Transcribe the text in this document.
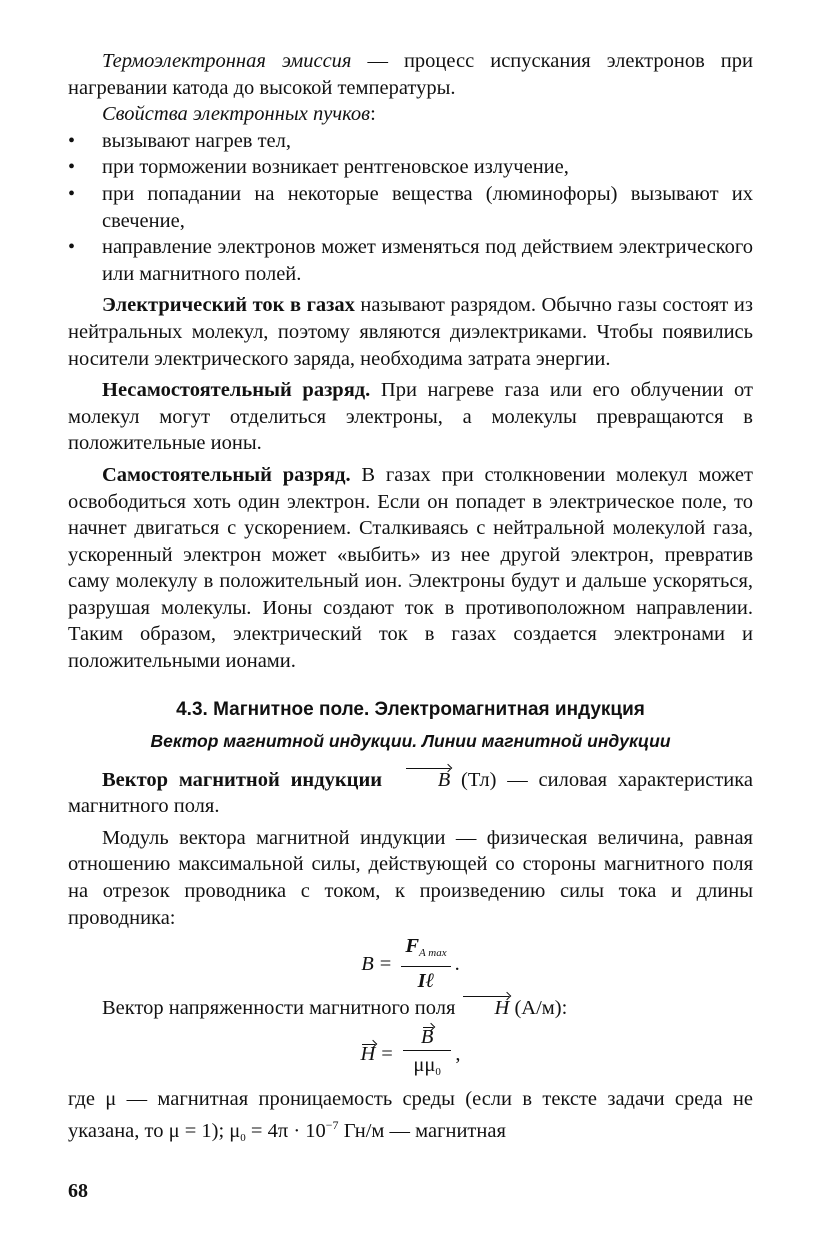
Термоэлектронная эмиссия — процесс испускания электронов при нагревании катода до высокой температуры.

Свойства электронных пучков:

• вызывают нагрев тел,
• при торможении возникает рентгеновское излучение,
• при попадании на некоторые вещества (люминофоры) вызывают их свечение,
• направление электронов может изменяться под действием электрического или магнитного полей.

Электрический ток в газах называют разрядом. Обычно газы состоят из нейтральных молекул, поэтому являются диэлектриками. Чтобы появились носители электрического заряда, необходима затрата энергии.

Несамостоятельный разряд. При нагреве газа или его облучении от молекул могут отделиться электроны, а молекулы превращаются в положительные ионы.

Самостоятельный разряд. В газах при столкновении молекул может освободиться хоть один электрон. Если он попадет в электрическое поле, то начнет двигаться с ускорением. Сталкиваясь с нейтральной молекулой газа, ускоренный электрон может «выбить» из нее другой электрон, превратив саму молекулу в положительный ион. Электроны будут и дальше ускоряться, разрушая молекулы. Ионы создают ток в противоположном направлении. Таким образом, электрический ток в газах создается электронами и положительными ионами.

4.3. Магнитное поле. Электромагнитная индукция
Вектор магнитной индукции. Линии магнитной индукции

Вектор магнитной индукции	B (Тл) — силовая характеристика магнитного поля.

Модуль вектора магнитной индукции — физическая величина, равная отношению максимальной силы, действующей со стороны магнитного поля на отрезок проводника с током, к произведению силы тока и длины проводника:

$B = \frac{F_{A max}}{\text{Iℓ}}$ .

Вектор напряженности магнитного поля H (А/м):

$H = \frac{B}{\mu\mu_0}$ ,

где μ — магнитная проницаемость среды (если в тексте задачи среда не указана, то μ = 1); $\mu_0 = 4\pi \cdot 10^{-7}$ Гн/м — магнитная

68
